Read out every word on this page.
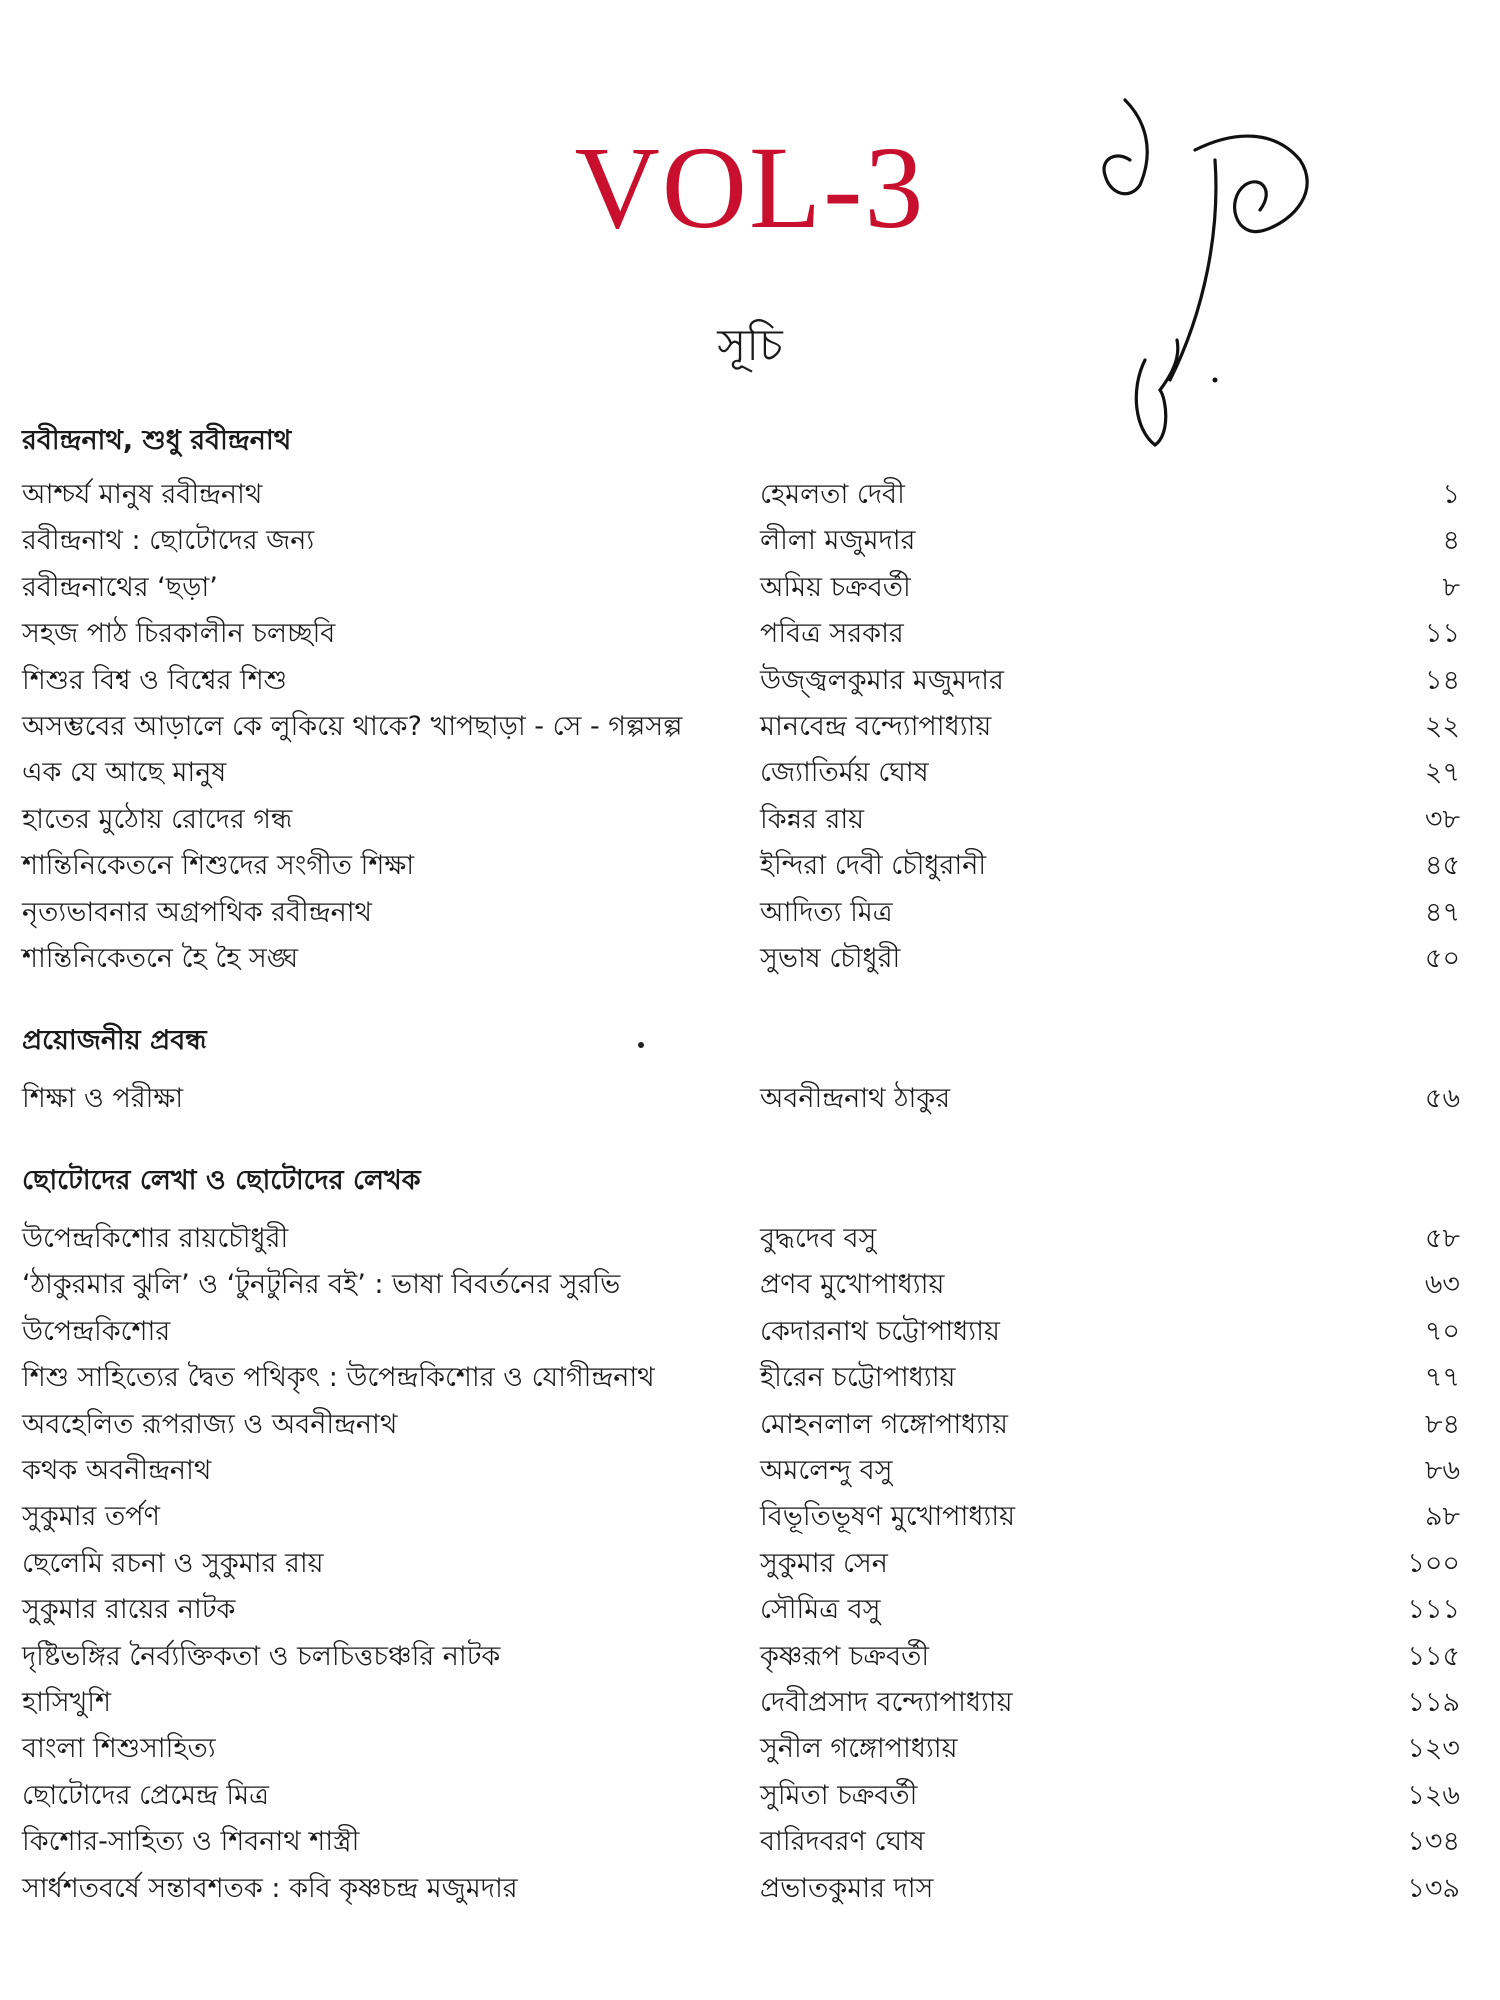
VOL-3
সূচি
রবীন্দ্রনাথ, শুধু রবীন্দ্রনাথ
আশ্চর্য মানুষ রবীন্দ্রনাথ	হেমলতা দেবী	১
রবীন্দ্রনাথ : ছোটোদের জন্য	লীলা মজুমদার	৪
রবীন্দ্রনাথের ‘ছড়া’	অমিয় চক্রবর্তী	৮
সহজ পাঠ চিরকালীন চলচ্ছবি	পবিত্র সরকার	১১
শিশুর বিশ্ব ও বিশ্বের শিশু	উজ্জ্বলকুমার মজুমদার	১৪
অসম্ভবের আড়ালে কে লুকিয়ে থাকে? খাপছাড়া - সে - গল্পসল্প	মানবেন্দ্র বন্দ্যোপাধ্যায়	২২
এক যে আছে মানুষ	জ্যোতির্ময় ঘোষ	২৭
হাতের মুঠোয় রোদের গন্ধ	কিন্নর রায়	৩৮
শান্তিনিকেতনে শিশুদের সংগীত শিক্ষা	ইন্দিরা দেবী চৌধুরানী	৪৫
নৃত্যভাবনার অগ্রপথিক রবীন্দ্রনাথ	আদিত্য মিত্র	৪৭
শান্তিনিকেতনে হৈ হৈ সঙ্ঘ	সুভাষ চৌধুরী	৫০
প্রয়োজনীয় প্রবন্ধ
শিক্ষা ও পরীক্ষা	অবনীন্দ্রনাথ ঠাকুর	৫৬
ছোটোদের লেখা ও ছোটোদের লেখক
উপেন্দ্রকিশোর রায়চৌধুরী	বুদ্ধদেব বসু	৫৮
‘ঠাকুরমার ঝুলি’ ও ‘টুনটুনির বই’ : ভাষা বিবর্তনের সুরভি	প্রণব মুখোপাধ্যায়	৬৩
উপেন্দ্রকিশোর	কেদারনাথ চট্টোপাধ্যায়	৭০
শিশু সাহিত্যের দ্বৈত পথিকৃৎ : উপেন্দ্রকিশোর ও যোগীন্দ্রনাথ	হীরেন চট্টোপাধ্যায়	৭৭
অবহেলিত রূপরাজ্য ও অবনীন্দ্রনাথ	মোহনলাল গঙ্গোপাধ্যায়	৮৪
কথক অবনীন্দ্রনাথ	অমলেন্দু বসু	৮৬
সুকুমার তর্পণ	বিভূতিভূষণ মুখোপাধ্যায়	৯৮
ছেলেমি রচনা ও সুকুমার রায়	সুকুমার সেন	১০০
সুকুমার রায়ের নাটক	সৌমিত্র বসু	১১১
দৃষ্টিভঙ্গির নৈর্ব্যক্তিকতা ও চলচিত্তচঞ্চরি নাটক	কৃষ্ণরূপ চক্রবর্তী	১১৫
হাসিখুশি	দেবীপ্রসাদ বন্দ্যোপাধ্যায়	১১৯
বাংলা শিশুসাহিত্য	সুনীল গঙ্গোপাধ্যায়	১২৩
ছোটোদের প্রেমেন্দ্র মিত্র	সুমিতা চক্রবর্তী	১২৬
কিশোর-সাহিত্য ও শিবনাথ শাস্ত্রী	বারিদবরণ ঘোষ	১৩৪
সার্ধশতবর্ষে সন্তাবশতক : কবি কৃষ্ণচন্দ্র মজুমদার	প্রভাতকুমার দাস	১৩৯
